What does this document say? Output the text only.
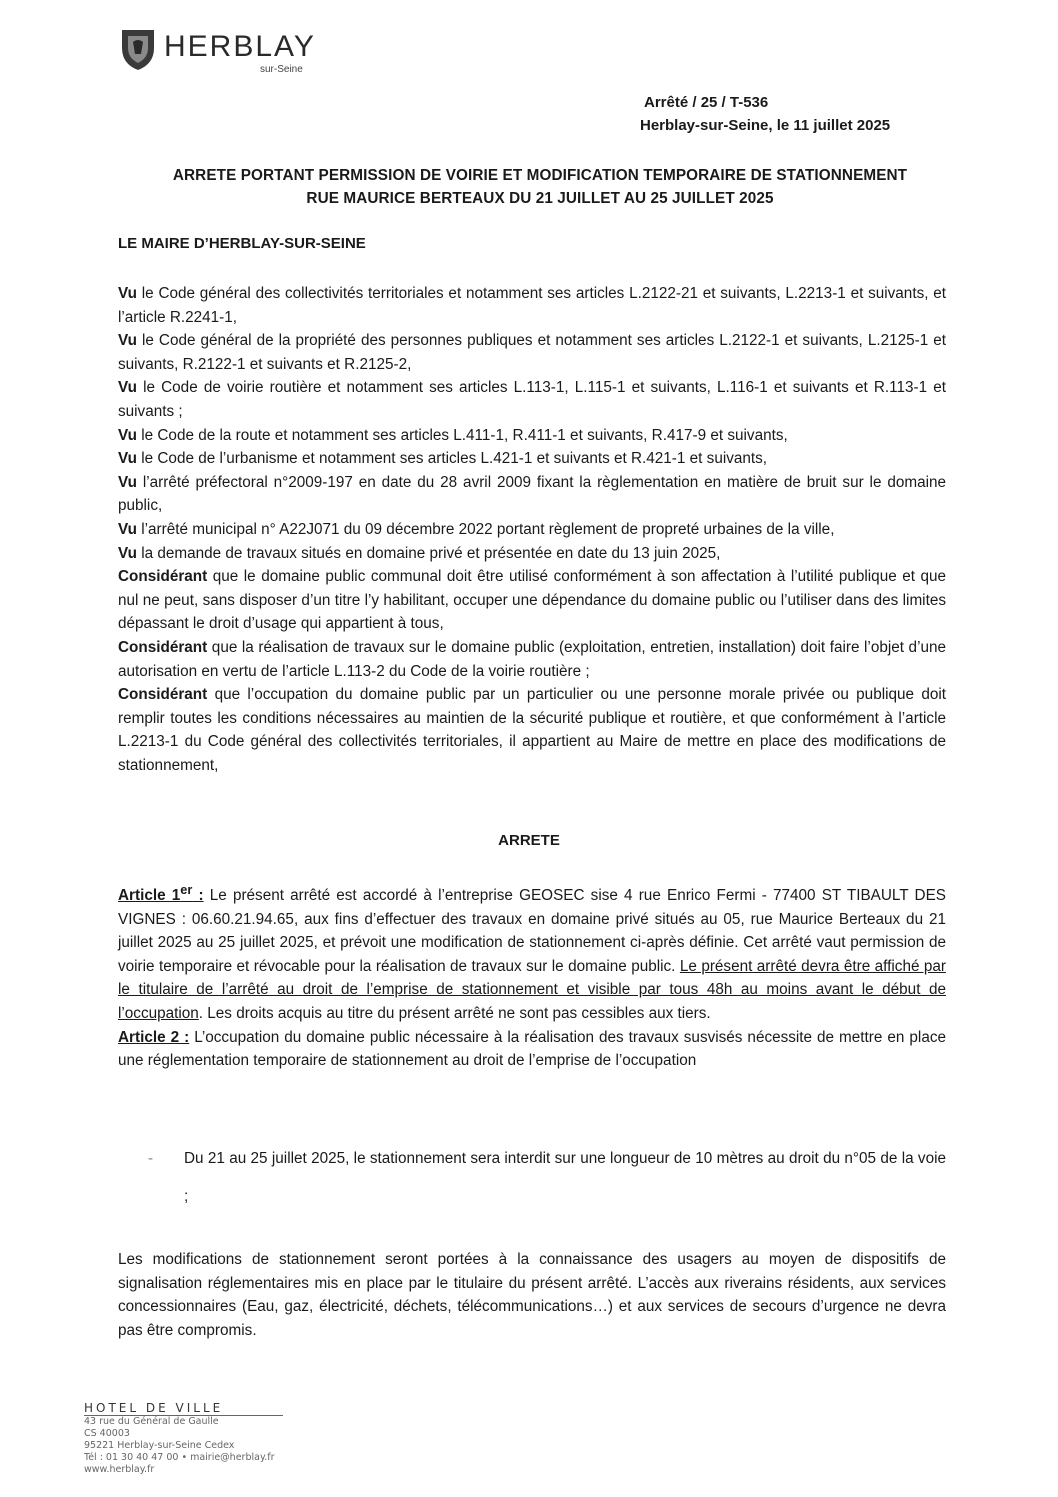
HERBLAY
sur-Seine
Arrêté / 25 / T-536
Herblay-sur-Seine, le 11 juillet 2025
ARRETE PORTANT PERMISSION DE VOIRIE ET MODIFICATION TEMPORAIRE DE STATIONNEMENT
RUE MAURICE BERTEAUX DU 21 JUILLET AU 25 JUILLET 2025
LE MAIRE D’HERBLAY-SUR-SEINE

Vu le Code général des collectivités territoriales et notamment ses articles L.2122-21 et suivants, L.2213-1 et suivants, et l’article R.2241-1,

Vu le Code général de la propriété des personnes publiques et notamment ses articles L.2122-1 et suivants, L.2125-1 et suivants, R.2122-1 et suivants et R.2125-2,

Vu le Code de voirie routière et notamment ses articles L.113-1, L.115-1 et suivants, L.116-1 et suivants et R.113-1 et suivants ;

Vu le Code de la route et notamment ses articles L.411-1, R.411-1 et suivants, R.417-9 et suivants,

Vu le Code de l’urbanisme et notamment ses articles L.421-1 et suivants et R.421-1 et suivants,

Vu l’arrêté préfectoral n°2009-197 en date du 28 avril 2009 fixant la règlementation en matière de bruit sur le domaine public,

Vu l’arrêté municipal n° A22J071 du 09 décembre 2022 portant règlement de propreté urbaines de la ville,

Vu la demande de travaux situés en domaine privé et présentée en date du 13 juin 2025,

Considérant que le domaine public communal doit être utilisé conformément à son affectation à l’utilité publique et que nul ne peut, sans disposer d’un titre l’y habilitant, occuper une dépendance du domaine public ou l’utiliser dans des limites dépassant le droit d’usage qui appartient à tous,

Considérant que la réalisation de travaux sur le domaine public (exploitation, entretien, installation) doit faire l’objet d’une autorisation en vertu de l’article L.113-2 du Code de la voirie routière ;

Considérant que l’occupation du domaine public par un particulier ou une personne morale privée ou publique doit remplir toutes les conditions nécessaires au maintien de la sécurité publique et routière, et que conformément à l’article L.2213-1 du Code général des collectivités territoriales, il appartient au Maire de mettre en place des modifications de stationnement,

ARRETE

Article 1er : Le présent arrêté est accordé à l’entreprise GEOSEC sise 4 rue Enrico Fermi - 77400 ST TIBAULT DES VIGNES : 06.60.21.94.65, aux fins d’effectuer des travaux en domaine privé situés au 05, rue Maurice Berteaux du 21 juillet 2025 au 25 juillet 2025, et prévoit une modification de stationnement ci-après définie. Cet arrêté vaut permission de voirie temporaire et révocable pour la réalisation de travaux sur le domaine public. Le présent arrêté devra être affiché par le titulaire de l’arrêté au droit de l’emprise de stationnement et visible par tous 48h au moins avant le début de l’occupation. Les droits acquis au titre du présent arrêté ne sont pas cessibles aux tiers.

Article 2 : L’occupation du domaine public nécessaire à la réalisation des travaux susvisés nécessite de mettre en place une réglementation temporaire de stationnement au droit de l’emprise de l’occupation

- Du 21 au 25 juillet 2025, le stationnement sera interdit sur une longueur de 10 mètres au droit du n°05 de la voie ;

Les modifications de stationnement seront portées à la connaissance des usagers au moyen de dispositifs de signalisation réglementaires mis en place par le titulaire du présent arrêté. L’accès aux riverains résidents, aux services concessionnaires (Eau, gaz, électricité, déchets, télécommunications…) et aux services de secours d’urgence ne devra pas être compromis.

HOTEL DE VILLE
43 rue du Général de Gaulle
CS 40003
95221 Herblay-sur-Seine Cedex
Tél : 01 30 40 47 00 • mairie@herblay.fr
www.herblay.fr
